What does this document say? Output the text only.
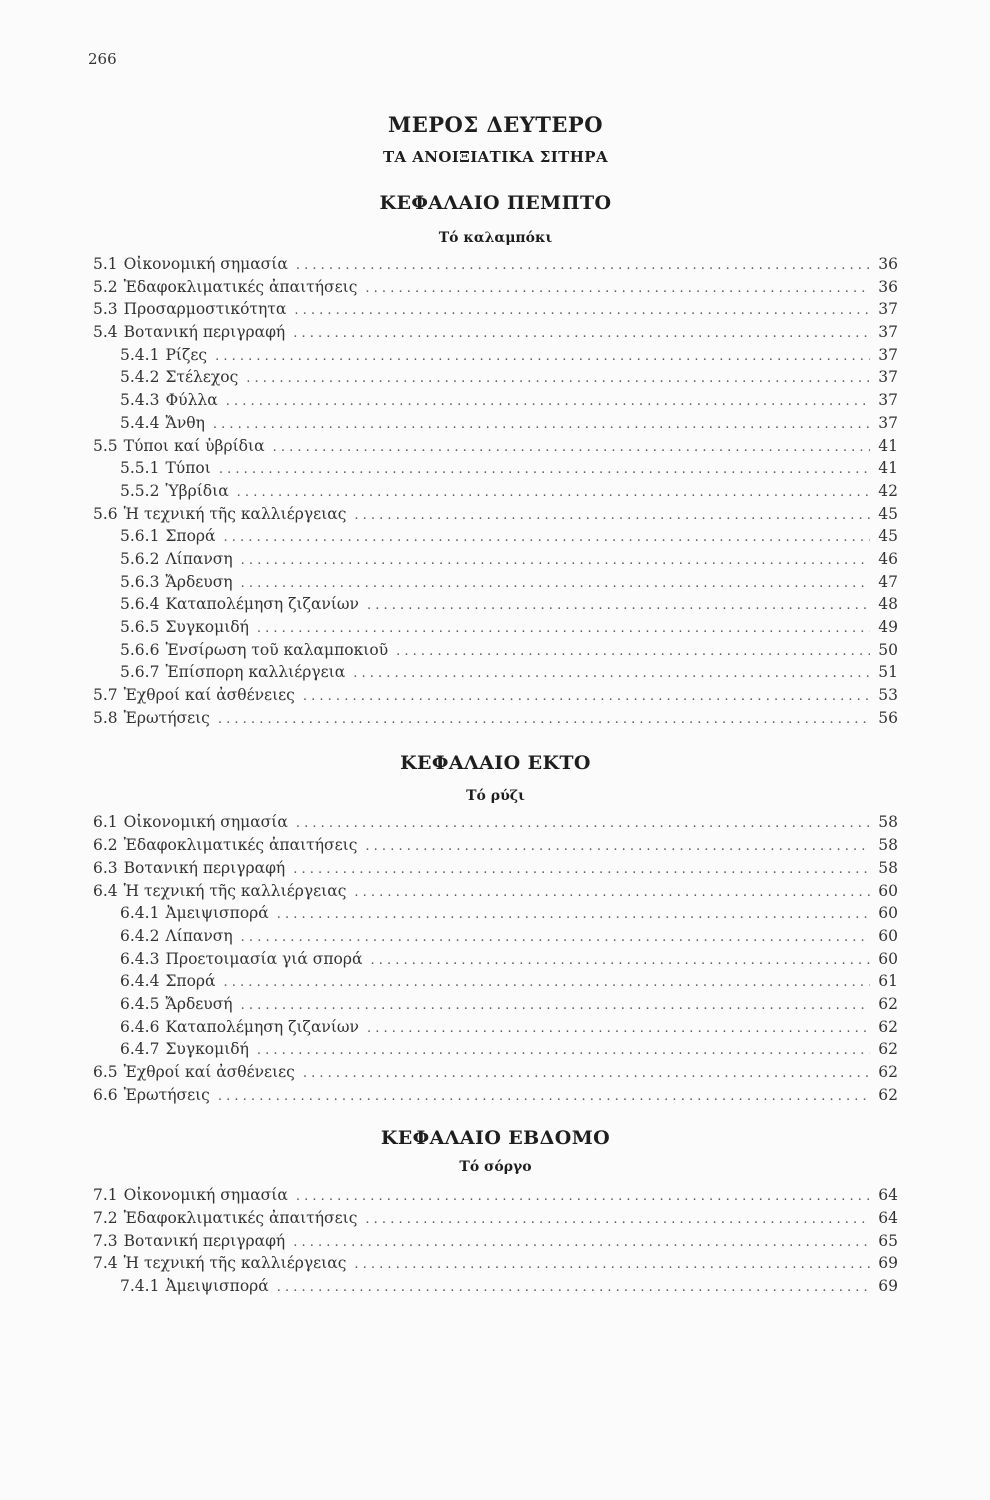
266
ΜΕΡΟΣ ΔΕΥΤΕΡΟ
ΤΑ ΑΝΟΙΞΙΑΤΙΚΑ ΣΙΤΗΡΑ
ΚΕΦΑΛΑΙΟ ΠΕΜΠΤΟ
Τό καλαμπόκι
5.1 Οἰκονομική σημασία . . .	36
5.2 Ἐδαφοκλιματικές ἀπαιτήσεις . . .	36
5.3 Προσαρμοστικότητα . . .	37
5.4 Βοτανική περιγραφή . . .	37
5.4.1 Ρίζες . . .	37
5.4.2 Στέλεχος . . .	37
5.4.3 Φύλλα . . .	37
5.4.4 Ἄνθη . . .	37
5.5 Τύποι καί ὑβρίδια . . .	41
5.5.1 Τύποι . . .	41
5.5.2 Ὑβρίδια . . .	42
5.6 Ἡ τεχνική τῆς καλλιέργειας . . .	45
5.6.1 Σπορά . . .	45
5.6.2 Λίπανση . . .	46
5.6.3 Ἄρδευση . . .	47
5.6.4 Καταπολέμηση ζιζανίων . . .	48
5.6.5 Συγκομιδή . . .	49
5.6.6 Ἐνσίρωση τοῦ καλαμποκιοῦ . . .	50
5.6.7 Ἐπίσπορη καλλιέργεια . . .	51
5.7 Ἐχθροί καί ἀσθένειες . . .	53
5.8 Ἐρωτήσεις . . .	56
ΚΕΦΑΛΑΙΟ ΕΚΤΟ
Τό ρύζι
6.1 Οἰκονομική σημασία . . .	58
6.2 Ἐδαφοκλιματικές ἀπαιτήσεις . . .	58
6.3 Βοτανική περιγραφή . . .	58
6.4 Ἡ τεχνική τῆς καλλιέργειας . . .	60
6.4.1 Ἀμειψισπορά . . .	60
6.4.2 Λίπανση . . .	60
6.4.3 Προετοιμασία γιά σπορά . . .	60
6.4.4 Σπορά . . .	61
6.4.5 Ἄρδευσή . . .	62
6.4.6 Καταπολέμηση ζιζανίων . . .	62
6.4.7 Συγκομιδή . . .	62
6.5 Ἐχθροί καί ἀσθένειες . . .	62
6.6 Ἐρωτήσεις . . .	62
ΚΕΦΑΛΑΙΟ ΕΒΔΟΜΟ
Τό σόργο
7.1 Οἰκονομική σημασία . . .	64
7.2 Ἐδαφοκλιματικές ἀπαιτήσεις . . .	64
7.3 Βοτανική περιγραφή . . .	65
7.4 Ἡ τεχνική τῆς καλλιέργειας . . .	69
7.4.1 Ἀμειψισπορά . . .	69
